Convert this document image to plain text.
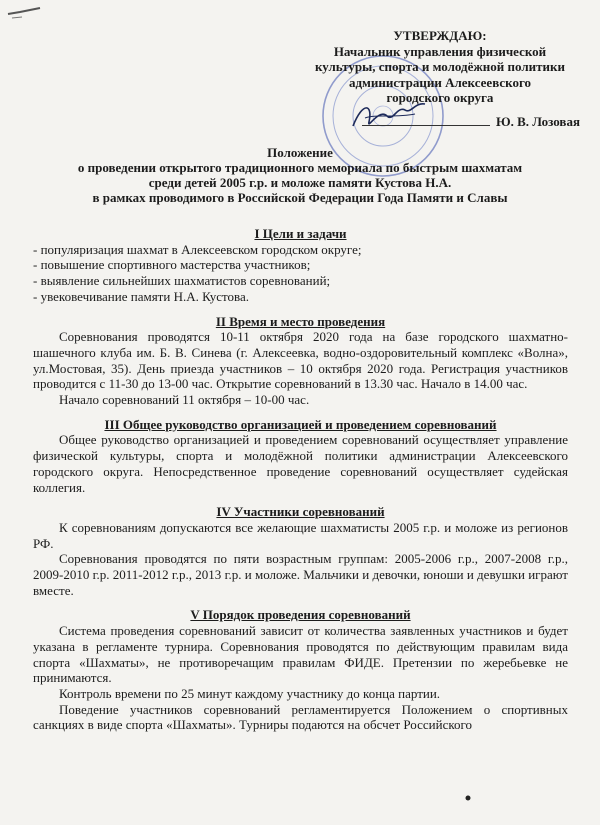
УТВЕРЖДАЮ:
Начальник управления физической
культуры, спорта и молодёжной политики
администрации Алексеевского
городского округа
Ю. В. Лозовая
Положение
о проведении открытого традиционного мемориала по быстрым шахматам
среди детей 2005 г.р. и моложе памяти Кустова Н.А.
в рамках проводимого в Российской Федерации Года Памяти и Славы

I Цели и задачи

- популяризация шахмат в Алексеевском городском округе;

- повышение спортивного мастерства участников;

- выявление сильнейших шахматистов соревнований;

- увековечивание памяти Н.А. Кустова.

II Время и место проведения

Соревнования проводятся 10-11 октября 2020 года на базе городского шахматно-шашечного клуба им. Б. В. Синева (г. Алексеевка, водно-оздоровительный комплекс «Волна», ул.Мостовая, 35). День приезда участников – 10 октября 2020 года. Регистрация участников проводится с 11-30 до 13-00 час. Открытие соревнований в 13.30 час. Начало в 14.00 час.

Начало соревнований 11 октября – 10-00 час.

III Общее руководство организацией и проведением соревнований

Общее руководство организацией и проведением соревнований осуществляет управление физической культуры, спорта и молодёжной политики администрации Алексеевского городского округа. Непосредственное проведение соревнований осуществляет судейская коллегия.

IV Участники соревнований

К соревнованиям допускаются все желающие шахматисты 2005 г.р. и моложе из регионов РФ.

Соревнования проводятся по пяти возрастным группам: 2005-2006 г.р., 2007-2008 г.р., 2009-2010 г.р. 2011-2012 г.р., 2013 г.р. и моложе. Мальчики и девочки, юноши и девушки играют вместе.

V Порядок проведения соревнований

Система проведения соревнований зависит от количества заявленных участников и будет указана в регламенте турнира. Соревнования проводятся по действующим правилам вида спорта «Шахматы», не противоречащим правилам ФИДЕ. Претензии по жеребьевке не принимаются.

Контроль времени по 25 минут каждому участнику до конца партии.

Поведение участников соревнований регламентируется Положением о спортивных санкциях в виде спорта «Шахматы». Турниры подаются на обсчет Российского
